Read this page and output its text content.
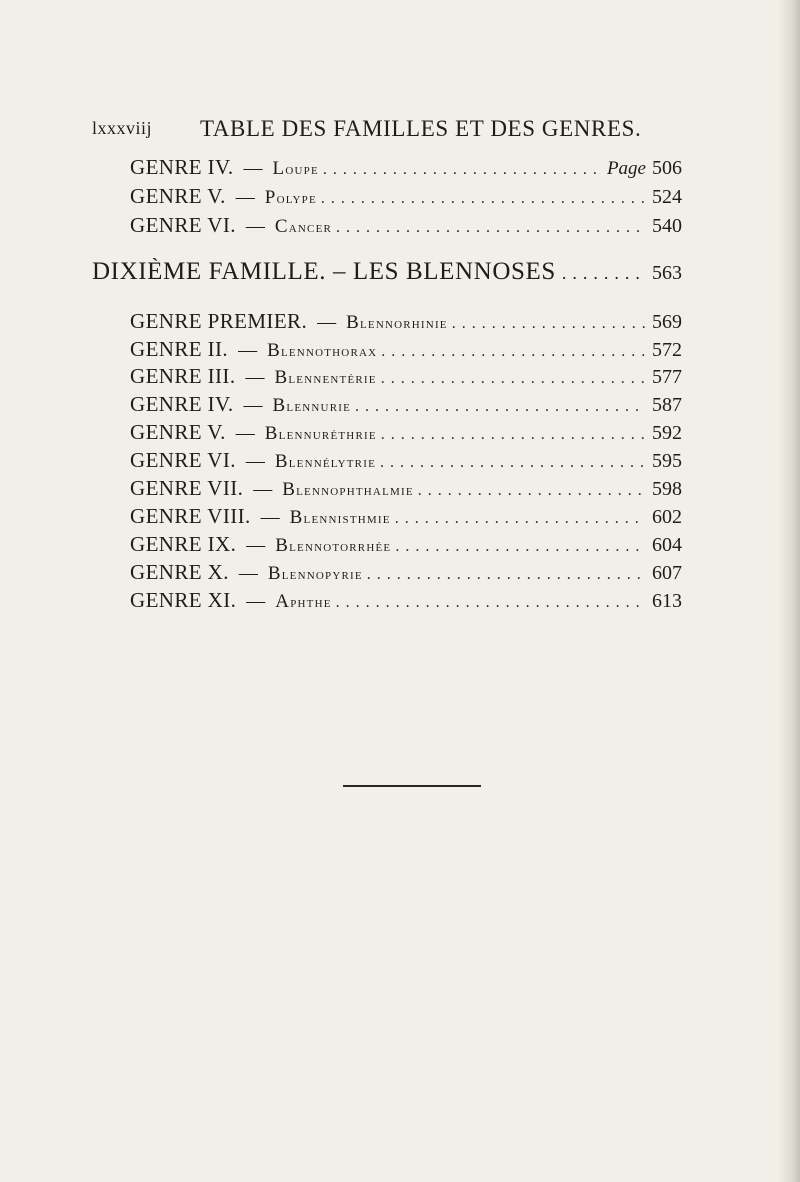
lxxxviij TABLE DES FAMILLES ET DES GENRES.
GENRE IV. — Loupe .....	Page 506
GENRE V. — Polype .....	524
GENRE VI. — Cancer .....	540
DIXIÈME FAMILLE. – LES BLENNOSES .....	563
GENRE PREMIER. — Blennorhinie .....	569
GENRE II. — Blennothorax .....	572
GENRE III. — Blennentérie .....	577
GENRE IV. — Blennurie .....	587
GENRE V. — Blennuréthrie .....	592
GENRE VI. — Blennélytrie .....	595
GENRE VII. — Blennophthalmie .....	598
GENRE VIII. — Blennisthmie .....	602
GENRE IX. — Blennotorrhée .....	604
GENRE X. — Blennopyrie .....	607
GENRE XI. — Aphthe .....	613
